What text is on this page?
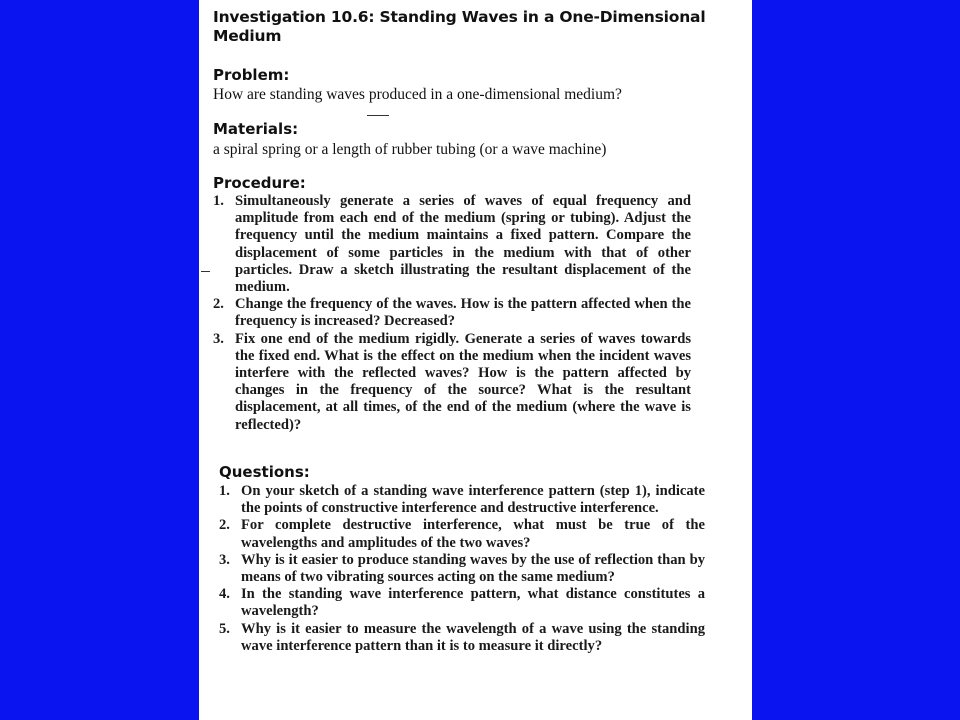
Investigation 10.6: Standing Waves in a One-Dimensional Medium
Problem:
How are standing waves produced in a one-dimensional medium?
Materials:
a spiral spring or a length of rubber tubing (or a wave machine)
Procedure:
1. Simultaneously generate a series of waves of equal frequency and amplitude from each end of the medium (spring or tubing). Adjust the frequency until the medium maintains a fixed pattern. Compare the displacement of some particles in the medium with that of other particles. Draw a sketch illustrating the resultant displacement of the medium.
2. Change the frequency of the waves. How is the pattern affected when the frequency is increased? Decreased?
3. Fix one end of the medium rigidly. Generate a series of waves towards the fixed end. What is the effect on the medium when the incident waves interfere with the reflected waves? How is the pattern affected by changes in the frequency of the source? What is the resultant displacement, at all times, of the end of the medium (where the wave is reflected)?
Questions:
1. On your sketch of a standing wave interference pattern (step 1), indicate the points of constructive interference and destructive interference.
2. For complete destructive interference, what must be true of the wavelengths and amplitudes of the two waves?
3. Why is it easier to produce standing waves by the use of reflection than by means of two vibrating sources acting on the same medium?
4. In the standing wave interference pattern, what distance constitutes a wavelength?
5. Why is it easier to measure the wavelength of a wave using the standing wave interference pattern than it is to measure it directly?
